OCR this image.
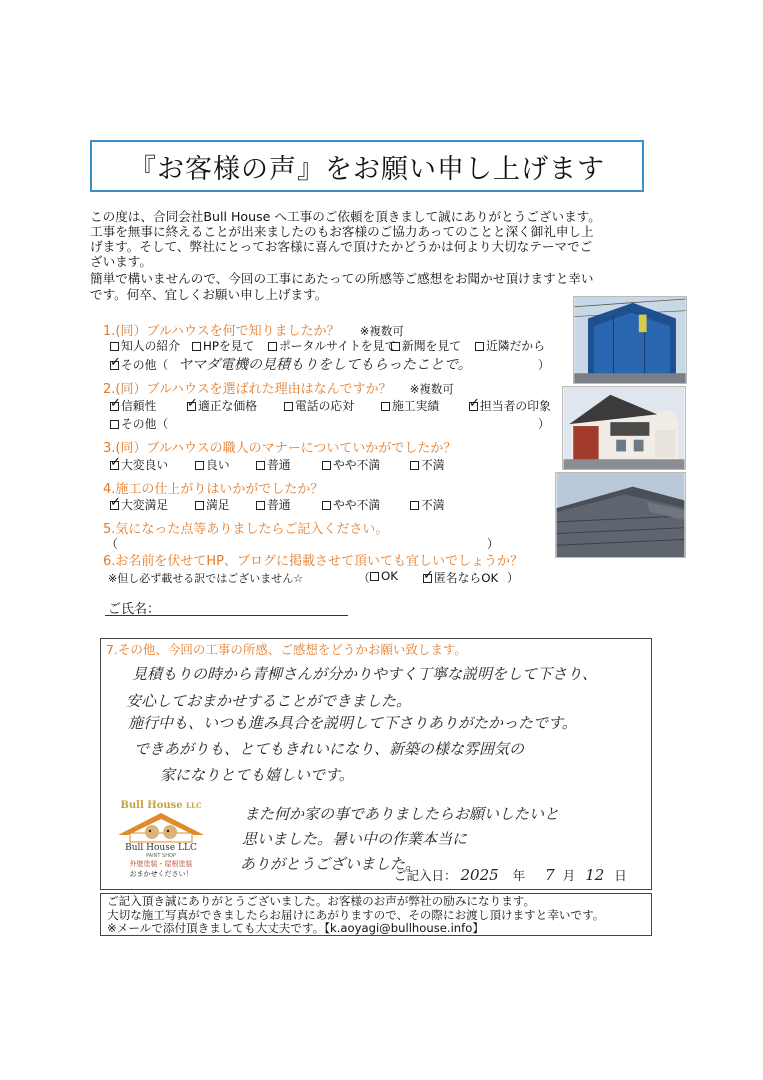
『お客様の声』をお願い申し上げます

この度は、合同会社Bull House へ工事のご依頼を頂きまして誠にありがとうございます。

工事を無事に終えることが出来ましたのもお客様のご協力あってのことと深く御礼申し上

げます。そして、弊社にとってお客様に喜んで頂けたかどうかは何より大切なテーマでご

ざいます。

簡単で構いませんので、今回の工事にあたっての所感等ご感想をお聞かせ頂けますと幸い

です。何卒、宜しくお願い申し上げます。

1.(同）ブルハウスを何で知りましたか？ ※複数可
知人の紹介	HPを見て	ポータルサイトを見て 新聞を見て	近隣だから
✓その他（ ヤマダ電機の見積もりをしてもらったことで。	）
2.(同）ブルハウスを選ばれた理由はなんですか？ ※複数可
✓信頼性 ✓	適正な価格	電話の応対	施工実績 ✓	担当者の印象
その他（	）
3.(同）ブルハウスの職人のマナーについていかがでしたか？
✓大変良い	良い	普通	やや不満	不満
4.施工の仕上がりはいかがでしたか？
✓大変満足	満足	普通	やや不満	不満
5.気になった点等ありましたらご記入ください。
（	）
6.お名前を伏せてHP、ブログに掲載させて頂いても宜しいでしょうか？
※但し必ず載せる訳ではございません☆	（ OK ✓	匿名ならOK ）
ご氏名：
7.その他、今回の工事の所感、ご感想をどうかお願い致します。
見積もりの時から青柳さんが分かりやすく丁寧な説明をして下さり、
安心しておまかせすることができました。
施行中も、いつも進み具合を説明して下さりありがたかったです。
できあがりも、とてもきれいになり、新築の様な雰囲気の
家になりとても嬉しいです。
また何か家の事でありましたらお願いしたいと
思いました。暑い中の作業本当に
ありがとうございました。
Bull House LLC
Bull House LLC
PAINT SHOP
外壁塗装・屋根塗装
おまかせください！	ご記入日： 2025 年 7 月 12 日
ご記入頂き誠にありがとうございました。お客様のお声が弊社の励みになります。
大切な施工写真ができましたらお届けにあがりますので、その際にお渡し頂けますと幸いです。
※メールで添付頂きましても大丈夫です。【k.aoyagi@bullhouse.info】
